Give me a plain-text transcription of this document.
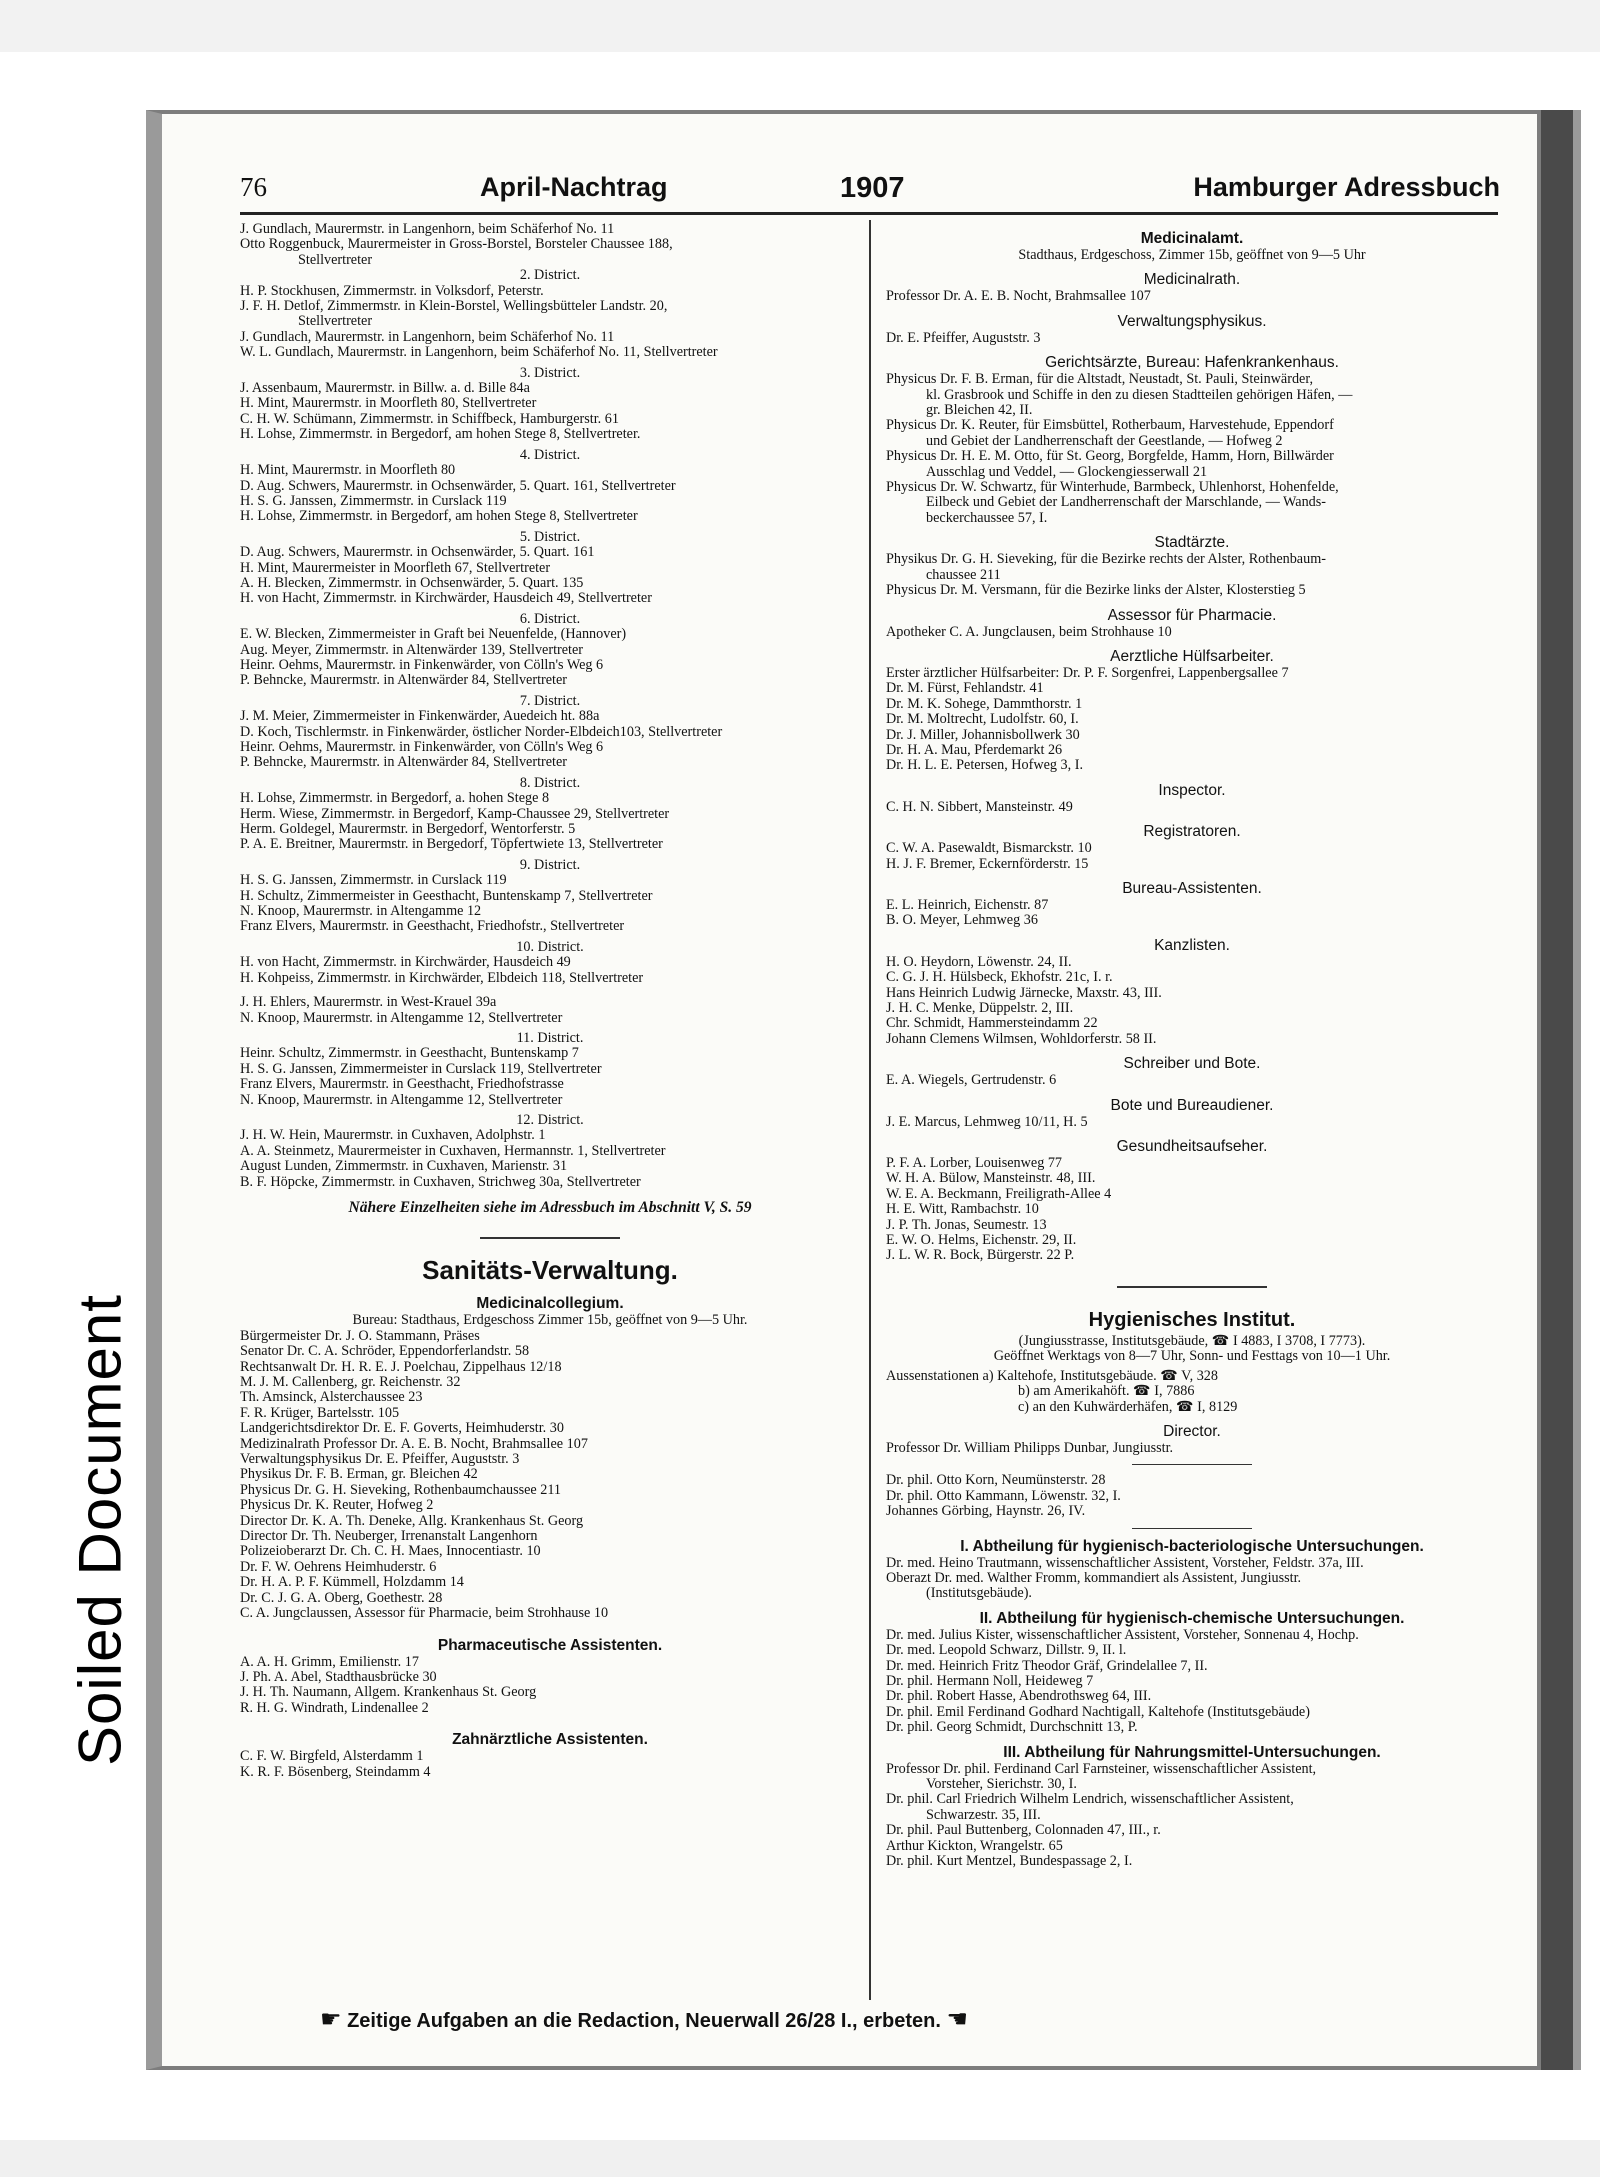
Soiled Document
76	April-Nachtrag	1907	Hamburger Adressbuch
J. Gundlach, Maurermstr. in Langenhorn, beim Schäferhof No. 11
Otto Roggenbuck, Maurermeister in Gross-Borstel, Borsteler Chaussee 188,
Stellvertreter
2. District.
H. P. Stockhusen, Zimmermstr. in Volksdorf, Peterstr.
J. F. H. Detlof, Zimmermstr. in Klein-Borstel, Wellingsbütteler Landstr. 20,
Stellvertreter
J. Gundlach, Maurermstr. in Langenhorn, beim Schäferhof No. 11
W. L. Gundlach, Maurermstr. in Langenhorn, beim Schäferhof No. 11, Stellvertreter
3. District.
J. Assenbaum, Maurermstr. in Billw. a. d. Bille 84a
H. Mint, Maurermstr. in Moorfleth 80, Stellvertreter
C. H. W. Schümann, Zimmermstr. in Schiffbeck, Hamburgerstr. 61
H. Lohse, Zimmermstr. in Bergedorf, am hohen Stege 8, Stellvertreter.
4. District.
H. Mint, Maurermstr. in Moorfleth 80
D. Aug. Schwers, Maurermstr. in Ochsenwärder, 5. Quart. 161, Stellvertreter
H. S. G. Janssen, Zimmermstr. in Curslack 119
H. Lohse, Zimmermstr. in Bergedorf, am hohen Stege 8, Stellvertreter
5. District.
D. Aug. Schwers, Maurermstr. in Ochsenwärder, 5. Quart. 161
H. Mint, Maurermeister in Moorfleth 67, Stellvertreter
A. H. Blecken, Zimmermstr. in Ochsenwärder, 5. Quart. 135
H. von Hacht, Zimmermstr. in Kirchwärder, Hausdeich 49, Stellvertreter
6. District.
E. W. Blecken, Zimmermeister in Graft bei Neuenfelde, (Hannover)
Aug. Meyer, Zimmermstr. in Altenwärder 139, Stellvertreter
Heinr. Oehms, Maurermstr. in Finkenwärder, von Cölln's Weg 6
P. Behncke, Maurermstr. in Altenwärder 84, Stellvertreter
7. District.
J. M. Meier, Zimmermeister in Finkenwärder, Auedeich ht. 88a
D. Koch, Tischlermstr. in Finkenwärder, östlicher Norder-Elbdeich103, Stellvertreter
Heinr. Oehms, Maurermstr. in Finkenwärder, von Cölln's Weg 6
P. Behncke, Maurermstr. in Altenwärder 84, Stellvertreter
8. District.
H. Lohse, Zimmermstr. in Bergedorf, a. hohen Stege 8
Herm. Wiese, Zimmermstr. in Bergedorf, Kamp-Chaussee 29, Stellvertreter
Herm. Goldegel, Maurermstr. in Bergedorf, Wentorferstr. 5
P. A. E. Breitner, Maurermstr. in Bergedorf, Töpfertwiete 13, Stellvertreter
9. District.
H. S. G. Janssen, Zimmermstr. in Curslack 119
H. Schultz, Zimmermeister in Geesthacht, Buntenskamp 7, Stellvertreter
N. Knoop, Maurermstr. in Altengamme 12
Franz Elvers, Maurermstr. in Geesthacht, Friedhofstr., Stellvertreter
10. District.
H. von Hacht, Zimmermstr. in Kirchwärder, Hausdeich 49
H. Kohpeiss, Zimmermstr. in Kirchwärder, Elbdeich 118, Stellvertreter
J. H. Ehlers, Maurermstr. in West-Krauel 39a
N. Knoop, Maurermstr. in Altengamme 12, Stellvertreter
11. District.
Heinr. Schultz, Zimmermstr. in Geesthacht, Buntenskamp 7
H. S. G. Janssen, Zimmermeister in Curslack 119, Stellvertreter
Franz Elvers, Maurermstr. in Geesthacht, Friedhofstrasse
N. Knoop, Maurermstr. in Altengamme 12, Stellvertreter
12. District.
J. H. W. Hein, Maurermstr. in Cuxhaven, Adolphstr. 1
A. A. Steinmetz, Maurermeister in Cuxhaven, Hermannstr. 1, Stellvertreter
August Lunden, Zimmermstr. in Cuxhaven, Marienstr. 31
B. F. Höpcke, Zimmermstr. in Cuxhaven, Strichweg 30a, Stellvertreter
Nähere Einzelheiten siehe im Adressbuch im Abschnitt V, S. 59
Sanitäts-Verwaltung.
Medicinalcollegium.
Bureau: Stadthaus, Erdgeschoss Zimmer 15b, geöffnet von 9—5 Uhr.
Bürgermeister Dr. J. O. Stammann, Präses
Senator Dr. C. A. Schröder, Eppendorferlandstr. 58
Rechtsanwalt Dr. H. R. E. J. Poelchau, Zippelhaus 12/18
M. J. M. Callenberg, gr. Reichenstr. 32
Th. Amsinck, Alsterchaussee 23
F. R. Krüger, Bartelsstr. 105
Landgerichtsdirektor Dr. E. F. Goverts, Heimhuderstr. 30
Medizinalrath Professor Dr. A. E. B. Nocht, Brahmsallee 107
Verwaltungsphysikus Dr. E. Pfeiffer, Auguststr. 3
Physikus Dr. F. B. Erman, gr. Bleichen 42
Physicus Dr. G. H. Sieveking, Rothenbaumchaussee 211
Physicus Dr. K. Reuter, Hofweg 2
Director Dr. K. A. Th. Deneke, Allg. Krankenhaus St. Georg
Director Dr. Th. Neuberger, Irrenanstalt Langenhorn
Polizeioberarzt Dr. Ch. C. H. Maes, Innocentiastr. 10
Dr. F. W. Oehrens Heimhuderstr. 6
Dr. H. A. P. F. Kümmell, Holzdamm 14
Dr. C. J. G. A. Oberg, Goethestr. 28
C. A. Jungclaussen, Assessor für Pharmacie, beim Strohhause 10
Pharmaceutische Assistenten.
A. A. H. Grimm, Emilienstr. 17
J. Ph. A. Abel, Stadthausbrücke 30
J. H. Th. Naumann, Allgem. Krankenhaus St. Georg
R. H. G. Windrath, Lindenallee 2
Zahnärztliche Assistenten.
C. F. W. Birgfeld, Alsterdamm 1
K. R. F. Bösenberg, Steindamm 4
Medicinalamt.
Stadthaus, Erdgeschoss, Zimmer 15b, geöffnet von 9—5 Uhr
Medicinalrath.
Professor Dr. A. E. B. Nocht, Brahmsallee 107
Verwaltungsphysikus.
Dr. E. Pfeiffer, Auguststr. 3
Gerichtsärzte, Bureau: Hafenkrankenhaus.
Physicus Dr. F. B. Erman, für die Altstadt, Neustadt, St. Pauli, Steinwärder,
kl. Grasbrook und Schiffe in den zu diesen Stadtteilen gehörigen Häfen, —
gr. Bleichen 42, II.
Physicus Dr. K. Reuter, für Eimsbüttel, Rotherbaum, Harvestehude, Eppendorf
und Gebiet der Landherrenschaft der Geestlande, — Hofweg 2
Physicus Dr. H. E. M. Otto, für St. Georg, Borgfelde, Hamm, Horn, Billwärder
Ausschlag und Veddel, — Glockengiesserwall 21
Physicus Dr. W. Schwartz, für Winterhude, Barmbeck, Uhlenhorst, Hohenfelde,
Eilbeck und Gebiet der Landherrenschaft der Marschlande, — Wands-
beckerchaussee 57, I.
Stadtärzte.
Physikus Dr. G. H. Sieveking, für die Bezirke rechts der Alster, Rothenbaum-
chaussee 211
Physicus Dr. M. Versmann, für die Bezirke links der Alster, Klosterstieg 5
Assessor für Pharmacie.
Apotheker C. A. Jungclausen, beim Strohhause 10
Aerztliche Hülfsarbeiter.
Erster ärztlicher Hülfsarbeiter: Dr. P. F. Sorgenfrei, Lappenbergsallee 7
Dr. M. Fürst, Fehlandstr. 41
Dr. M. K. Sohege, Dammthorstr. 1
Dr. M. Moltrecht, Ludolfstr. 60, I.
Dr. J. Miller, Johannisbollwerk 30
Dr. H. A. Mau, Pferdemarkt 26
Dr. H. L. E. Petersen, Hofweg 3, I.
Inspector.
C. H. N. Sibbert, Mansteinstr. 49
Registratoren.
C. W. A. Pasewaldt, Bismarckstr. 10
H. J. F. Bremer, Eckernförderstr. 15
Bureau-Assistenten.
E. L. Heinrich, Eichenstr. 87
B. O. Meyer, Lehmweg 36
Kanzlisten.
H. O. Heydorn, Löwenstr. 24, II.
C. G. J. H. Hülsbeck, Ekhofstr. 21c, I. r.
Hans Heinrich Ludwig Järnecke, Maxstr. 43, III.
J. H. C. Menke, Düppelstr. 2, III.
Chr. Schmidt, Hammersteindamm 22
Johann Clemens Wilmsen, Wohldorferstr. 58 II.
Schreiber und Bote.
E. A. Wiegels, Gertrudenstr. 6
Bote und Bureaudiener.
J. E. Marcus, Lehmweg 10/11, H. 5
Gesundheitsaufseher.
P. F. A. Lorber, Louisenweg 77
W. H. A. Bülow, Mansteinstr. 48, III.
W. E. A. Beckmann, Freiligrath-Allee 4
H. E. Witt, Rambachstr. 10
J. P. Th. Jonas, Seumestr. 13
E. W. O. Helms, Eichenstr. 29, II.
J. L. W. R. Bock, Bürgerstr. 22 P.
Hygienisches Institut.
(Jungiusstrasse, Institutsgebäude, ☎ I 4883, I 3708, I 7773).
Geöffnet Werktags von 8—7 Uhr, Sonn- und Festtags von 10—1 Uhr.
Aussenstationen a) Kaltehofe, Institutsgebäude. ☎ V, 328
b) am Amerikahöft. ☎ I, 7886
c) an den Kuhwärderhäfen, ☎ I, 8129
Director.
Professor Dr. William Philipps Dunbar, Jungiusstr.
Dr. phil. Otto Korn, Neumünsterstr. 28
Dr. phil. Otto Kammann, Löwenstr. 32, I.
Johannes Görbing, Haynstr. 26, IV.
I. Abtheilung für hygienisch-bacteriologische Untersuchungen.
Dr. med. Heino Trautmann, wissenschaftlicher Assistent, Vorsteher, Feldstr. 37a, III.
Oberazt Dr. med. Walther Fromm, kommandiert als Assistent, Jungiusstr.
(Institutsgebäude).
II. Abtheilung für hygienisch-chemische Untersuchungen.
Dr. med. Julius Kister, wissenschaftlicher Assistent, Vorsteher, Sonnenau 4, Hochp.
Dr. med. Leopold Schwarz, Dillstr. 9, II. l.
Dr. med. Heinrich Fritz Theodor Gräf, Grindelallee 7, II.
Dr. phil. Hermann Noll, Heideweg 7
Dr. phil. Robert Hasse, Abendrothsweg 64, III.
Dr. phil. Emil Ferdinand Godhard Nachtigall, Kaltehofe (Institutsgebäude)
Dr. phil. Georg Schmidt, Durchschnitt 13, P.
III. Abtheilung für Nahrungsmittel-Untersuchungen.
Professor Dr. phil. Ferdinand Carl Farnsteiner, wissenschaftlicher Assistent,
Vorsteher, Sierichstr. 30, I.
Dr. phil. Carl Friedrich Wilhelm Lendrich, wissenschaftlicher Assistent,
Schwarzestr. 35, III.
Dr. phil. Paul Buttenberg, Colonnaden 47, III., r.
Arthur Kickton, Wrangelstr. 65
Dr. phil. Kurt Mentzel, Bundespassage 2, I.
☛ Zeitige Aufgaben an die Redaction, Neuerwall 26/28 I., erbeten. ☚
